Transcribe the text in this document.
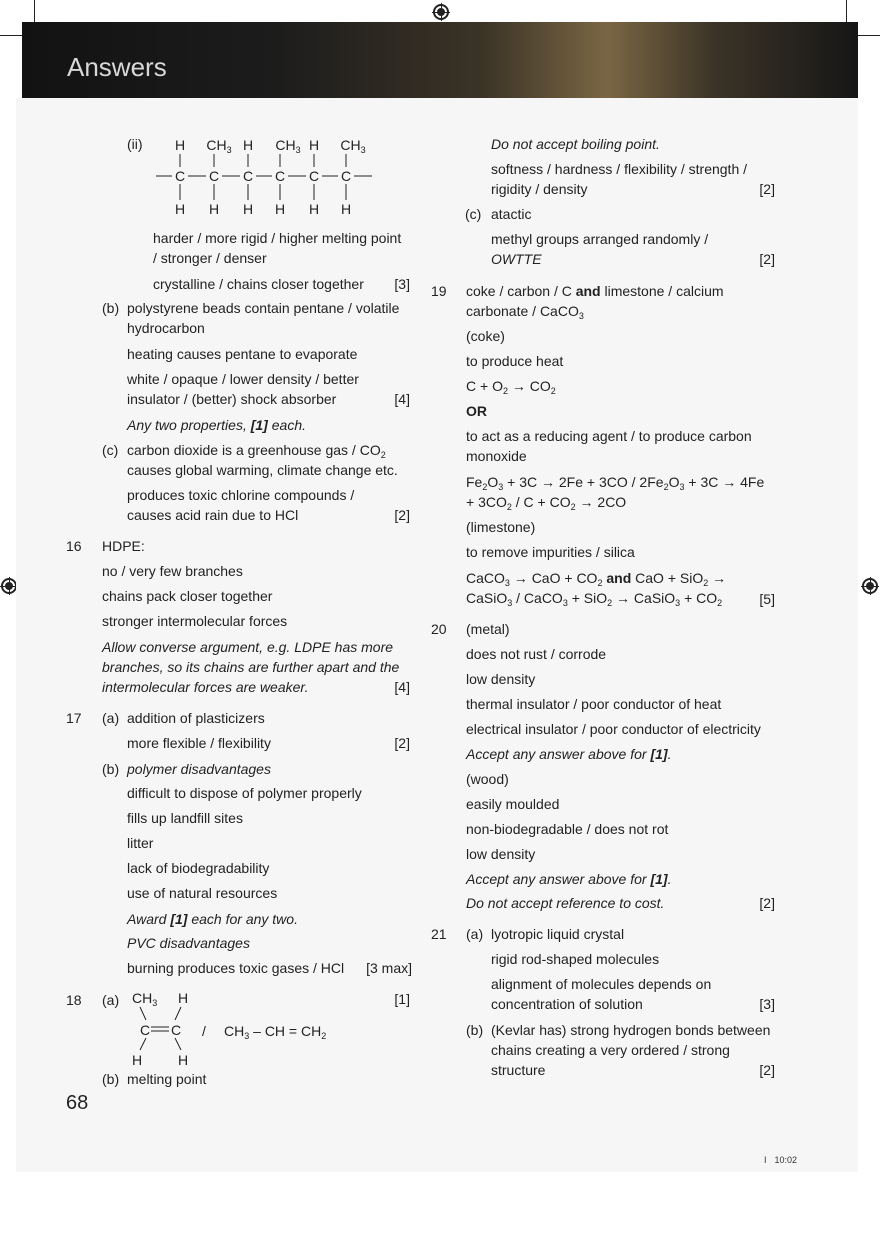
Answers
(ii) H $CH_3$ H $CH_3$ H $CH_3$
C C C C C C
H H H H H H
harder / more rigid / higher melting point
/ stronger / denser
crystalline / chains closer together	[3]
(b) polystyrene beads contain pentane / volatile
hydrocarbon
heating causes pentane to evaporate
white / opaque / lower density / better
insulator / (better) shock absorber	[4]
Any two properties, [1] each.
(c) carbon dioxide is a greenhouse gas / $CO_2$
causes global warming, climate change etc.
produces toxic chlorine compounds /
causes acid rain due to HCl	[2]
16 HDPE:
no / very few branches
chains pack closer together
stronger intermolecular forces
Allow converse argument, e.g. LDPE has more
branches, so its chains are further apart and the
intermolecular forces are weaker.	[4]
17 (a) addition of plasticizers
more flexible / flexibility	[2]
(b) polymer disadvantages
difficult to dispose of polymer properly
fills up landfill sites
litter
lack of biodegradability
use of natural resources
Award [1] each for any two.
PVC disadvantages
burning produces toxic gases / HCl	[3 max]
18 (a)	[1]
$CH_3$ H
C C
H	H
/ $CH_3$ – CH = $CH_2$
(b) melting point
68
Do not accept boiling point.
softness / hardness / flexibility / strength /
rigidity / density	[2]
(c) atactic
methyl groups arranged randomly /
OWTTE	[2]
19 coke / carbon / C and limestone / calcium
carbonate / CaCO$_3$
(coke)
to produce heat
$C + O_2 \to CO_2$
OR
to act as a reducing agent / to produce carbon
monoxide
$Fe_2O_3 + 3C \to 2Fe + 3CO / 2Fe_2O_3 + 3C \to 4Fe$
+ $3CO_2 / C + CO_2 \to 2CO$
(limestone)
to remove impurities / silica
CaCO$_3$ → CaO + $CO_2$ and CaO + SiO$_2$ →
CaSiO$_3$ / CaCO$_3$ + SiO$_2$ → CaSiO$_3$ + $CO_2$	[5]
20 (metal)
does not rust / corrode
low density
thermal insulator / poor conductor of heat
electrical insulator / poor conductor of electricity
Accept any answer above for [1].
(wood)
easily moulded
non-biodegradable / does not rot
low density
Accept any answer above for [1].
Do not accept reference to cost.	[2]
21 (a) lyotropic liquid crystal
rigid rod-shaped molecules
alignment of molecules depends on
concentration of solution	[3]
(b) (Kevlar has) strong hydrogen bonds between
chains creating a very ordered / strong
structure	[2]
I 10:02
